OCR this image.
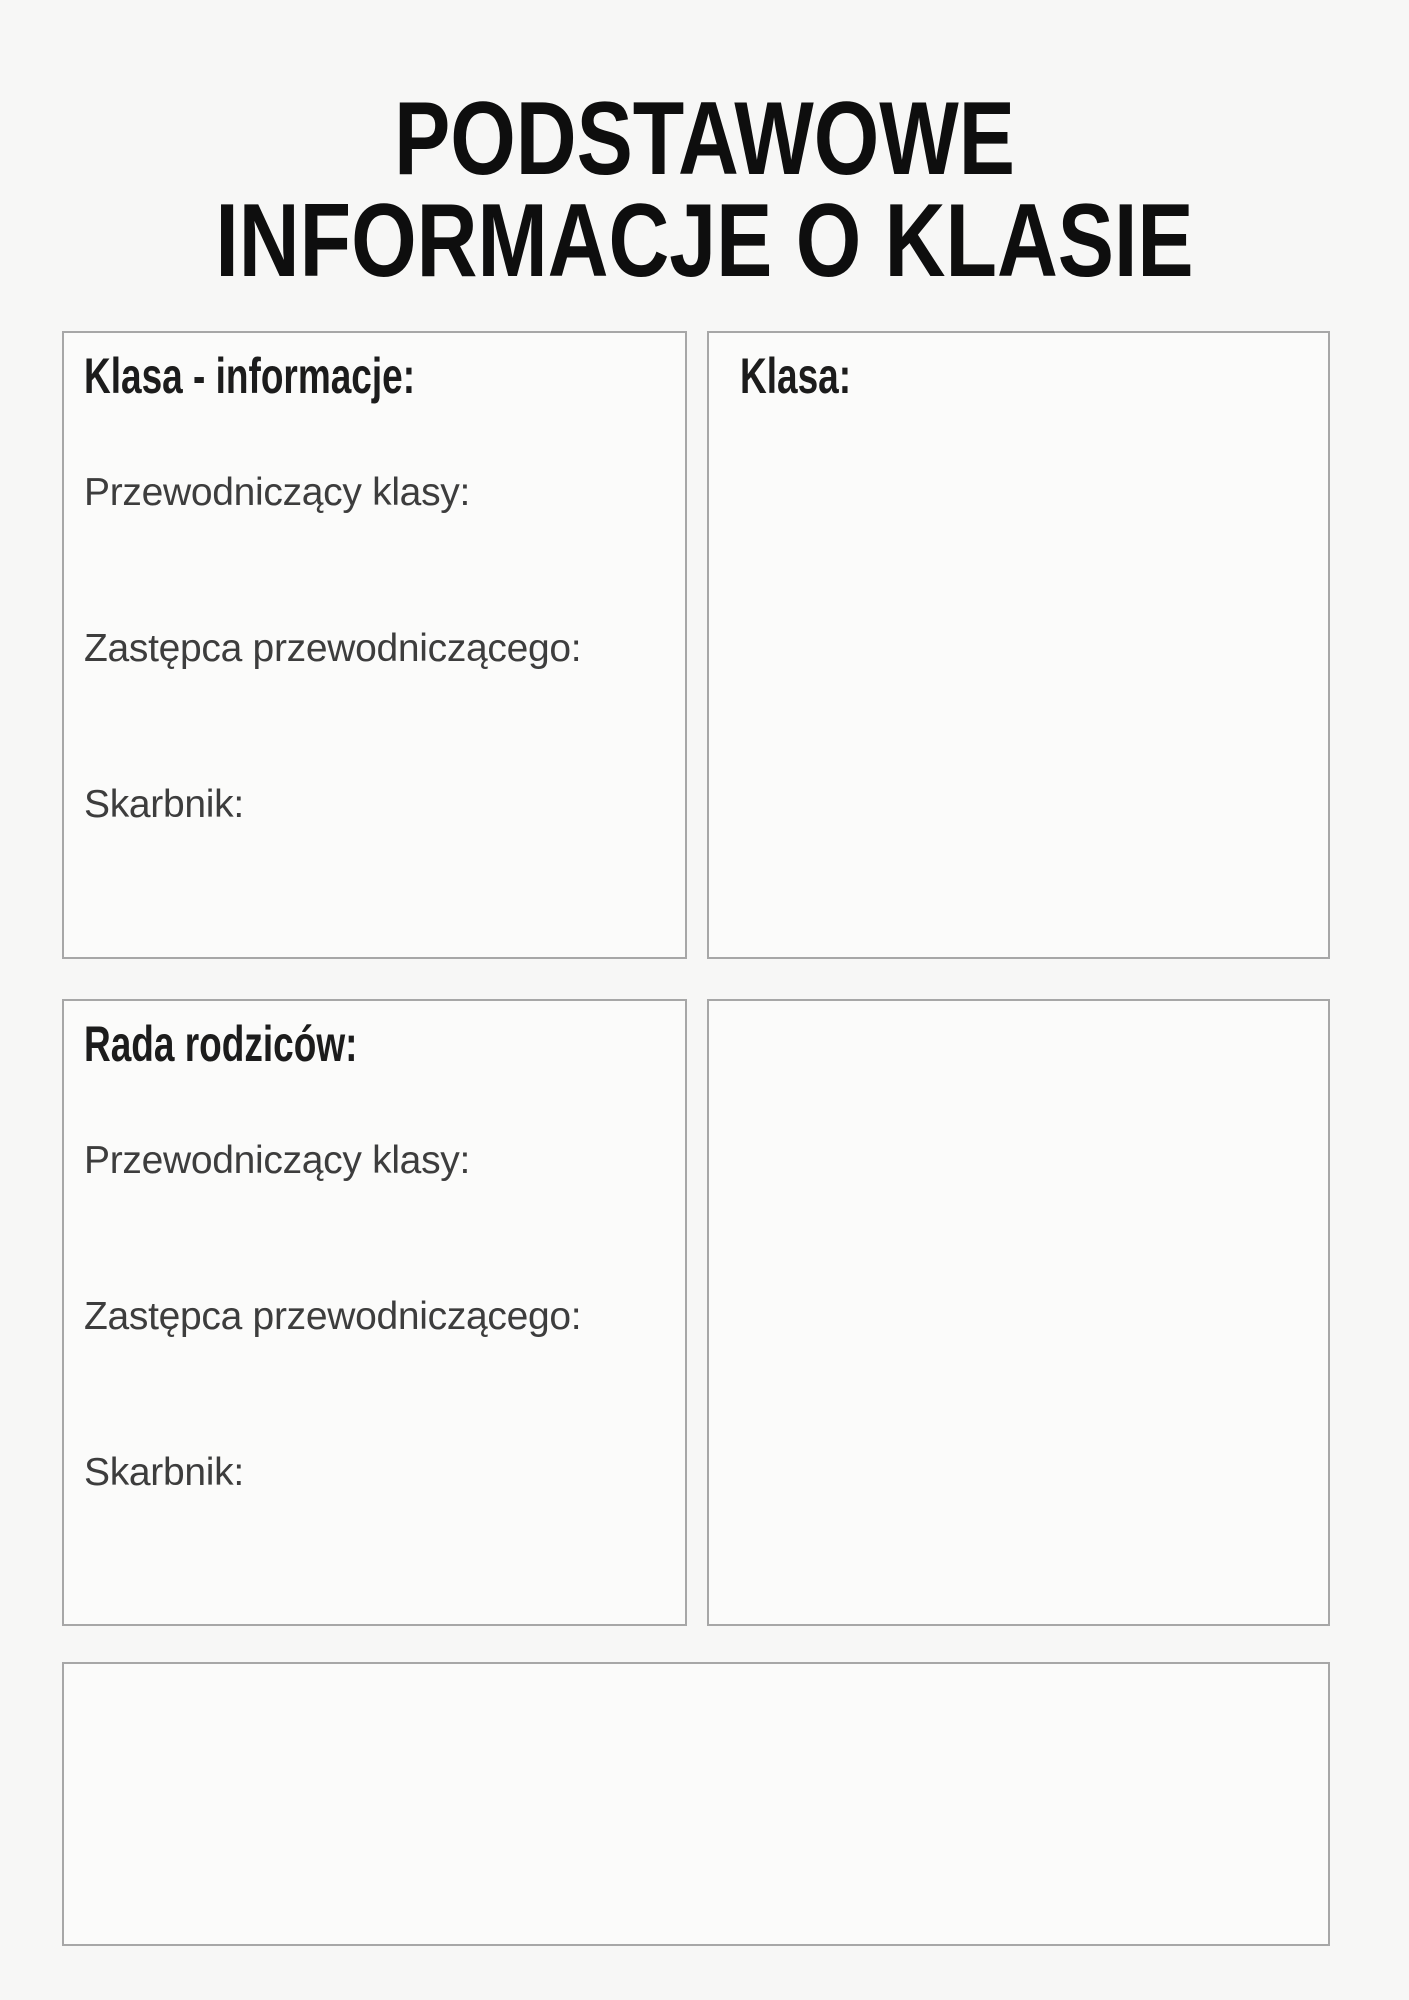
PODSTAWOWE
INFORMACJE O KLASIE
Klasa - informacje:

Przewodniczący klasy:

Zastępca przewodniczącego:

Skarbnik:

Klasa:
Rada rodziców:

Przewodniczący klasy:

Zastępca przewodniczącego:

Skarbnik:
